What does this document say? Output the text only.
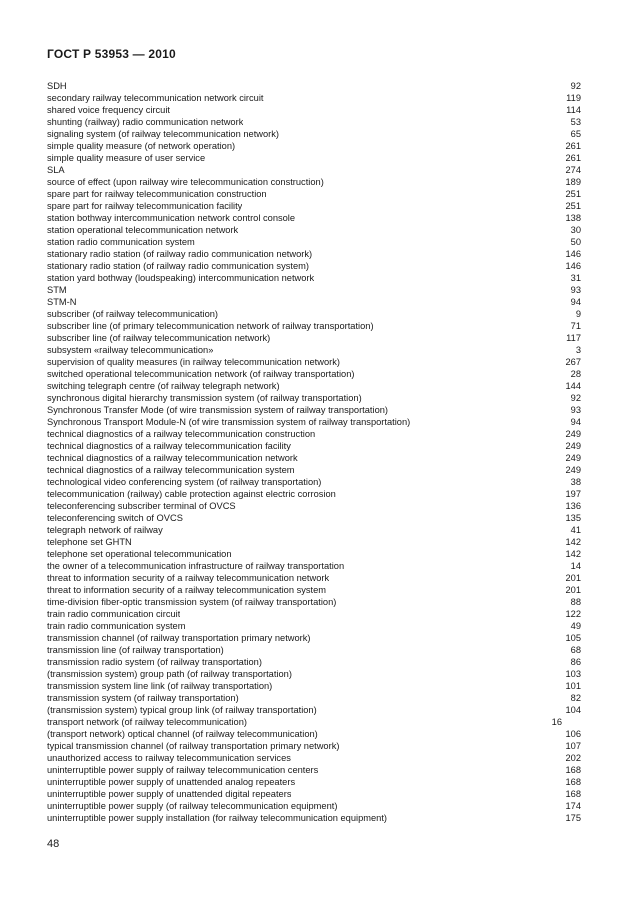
ГОСТ Р 53953 — 2010
SDH	92
secondary railway telecommunication network circuit	119
shared voice frequency circuit	114
shunting (railway) radio communication network	53
signaling system (of railway telecommunication network)	65
simple quality measure (of network operation)	261
simple quality measure of user service	261
SLA	274
source of effect (upon railway wire telecommunication construction)	189
spare part for railway telecommunication construction	251
spare part for railway telecommunication facility	251
station bothway intercommunication network control console	138
station operational telecommunication network	30
station radio communication system	50
stationary radio station (of railway radio communication network)	146
stationary radio station (of railway radio communication system)	146
station yard bothway (loudspeaking) intercommunication network	31
STM	93
STM-N	94
subscriber (of railway telecommunication)	9
subscriber line (of primary telecommunication network of railway transportation)	71
subscriber line (of railway telecommunication network)	117
subsystem «railway telecommunication»	3
supervision of quality measures (in railway telecommunication network)	267
switched operational telecommunication network (of railway transportation)	28
switching telegraph centre (of railway telegraph network)	144
synchronous digital hierarchy transmission system (of railway transportation)	92
Synchronous Transfer Mode (of wire transmission system of railway transportation)	93
Synchronous Transport Module-N (of wire transmission system of railway transportation)	94
technical diagnostics of a railway telecommunication construction	249
technical diagnostics of a railway telecommunication facility	249
technical diagnostics of a railway telecommunication network	249
technical diagnostics of a railway telecommunication system	249
technological video conferencing system (of railway transportation)	38
telecommunication (railway) cable protection against electric corrosion	197
teleconferencing subscriber terminal of OVCS	136
teleconferencing switch of OVCS	135
telegraph network of railway	41
telephone set GHTN	142
telephone set operational telecommunication	142
the owner of a telecommunication infrastructure of railway transportation	14
threat to information security of a railway telecommunication network	201
threat to information security of a railway telecommunication system	201
time-division fiber-optic transmission system (of railway transportation)	88
train radio communication circuit	122
train radio communication system	49
transmission channel (of railway transportation primary network)	105
transmission line (of railway transportation)	68
transmission radio system (of railway transportation)	86
(transmission system) group path (of railway transportation)	103
transmission system line link (of railway transportation)	101
transmission system (of railway transportation)	82
(transmission system) typical group link (of railway transportation)	104
transport network (of railway telecommunication)	16
(transport network) optical channel (of railway telecommunication)	106
typical transmission channel (of railway transportation primary network)	107
unauthorized access to railway telecommunication services	202
uninterruptible power supply of railway telecommunication centers	168
uninterruptible power supply of unattended analog repeaters	168
uninterruptible power supply of unattended digital repeaters	168
uninterruptible power supply (of railway telecommunication equipment)	174
uninterruptible power supply installation (for railway telecommunication equipment)	175
48
